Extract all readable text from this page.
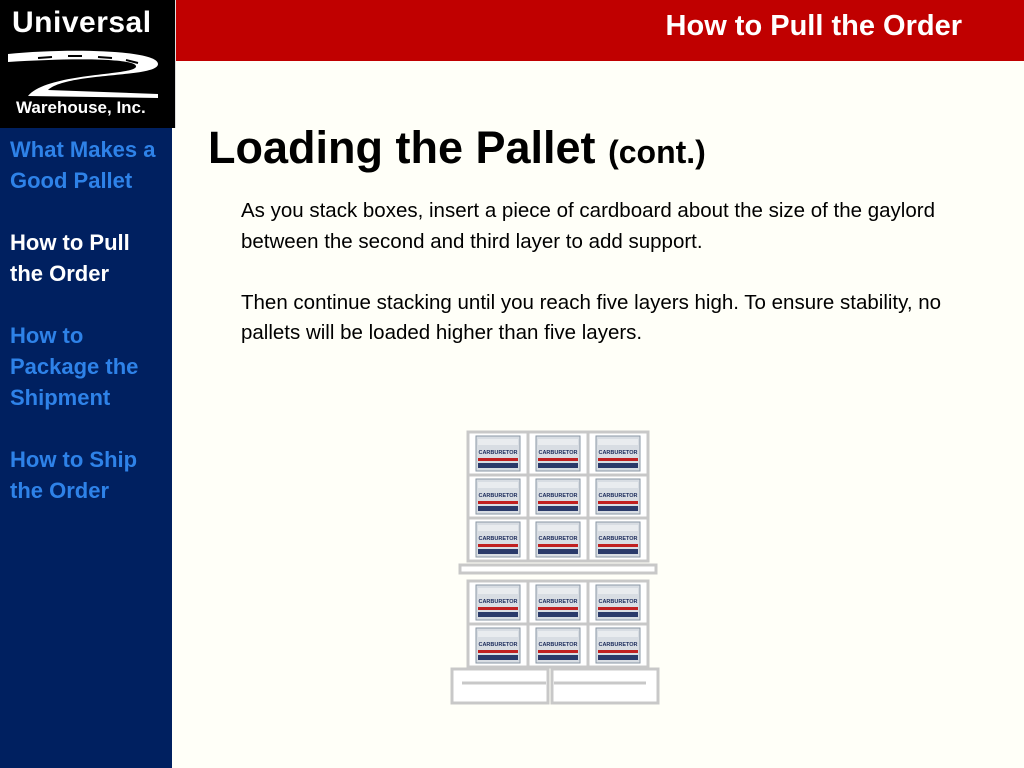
How to Pull the Order
Universal
Warehouse, Inc.
What Makes a Good Pallet
How to Pull the Order
How to Package the Shipment
How to Ship the Order
Loading the Pallet (cont.)

As you stack boxes, insert a piece of cardboard about the size of the gaylord between the second and third layer to add support.

Then continue stacking until you reach five layers high. To ensure stability, no pallets will be loaded higher than five layers.

CARBURETOR	CARBURETOR	CARBURETOR
CARBURETOR	CARBURETOR	CARBURETOR
CARBURETOR	CARBURETOR	CARBURETOR
CARBURETOR	CARBURETOR	CARBURETOR
CARBURETOR	CARBURETOR	CARBURETOR
